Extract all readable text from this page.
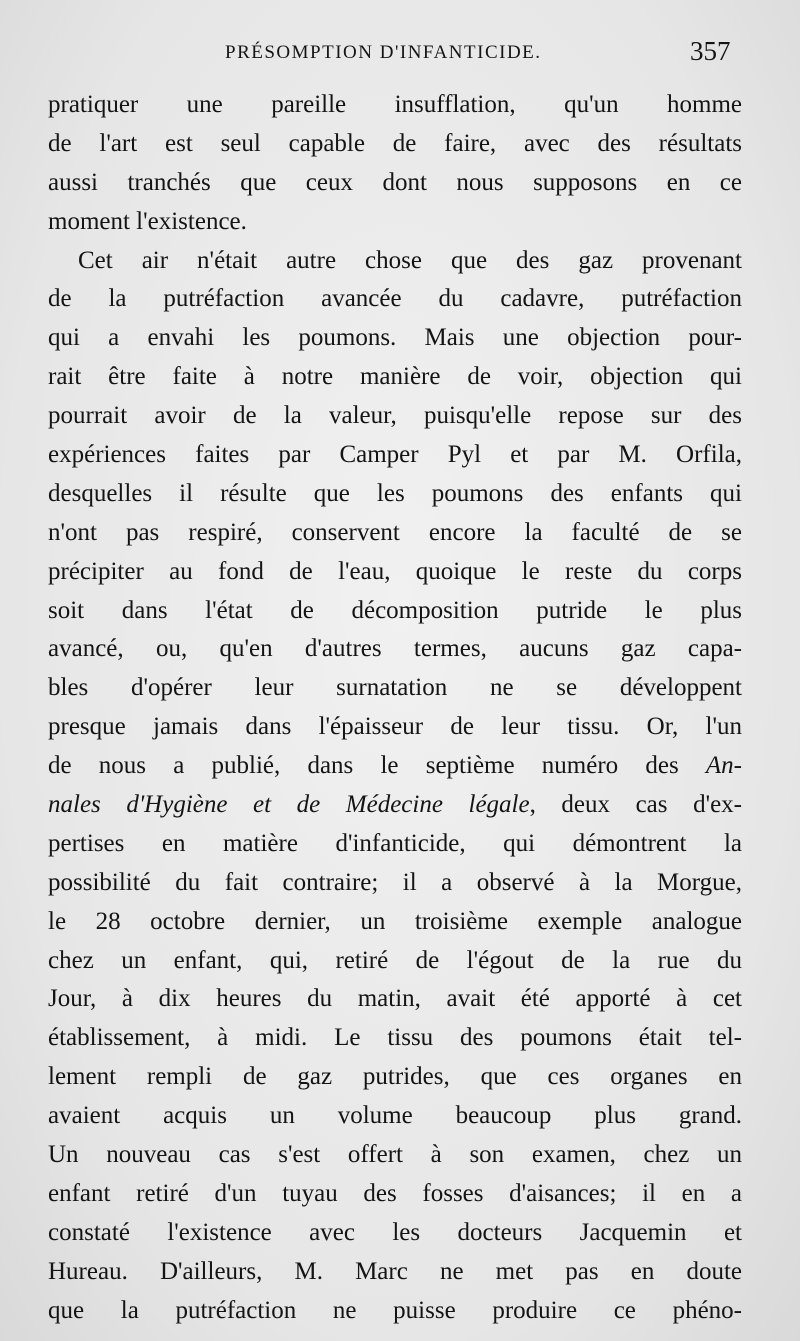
PRÉSOMPTION D'INFANTICIDE.	357
pratiquer une pareille insufflation, qu'un homme
de l'art est seul capable de faire, avec des résultats
aussi tranchés que ceux dont nous supposons en ce
moment l'existence.
Cet air n'était autre chose que des gaz provenant
de la putréfaction avancée du cadavre, putréfaction
qui a envahi les poumons. Mais une objection pour-
rait être faite à notre manière de voir, objection qui
pourrait avoir de la valeur, puisqu'elle repose sur des
expériences faites par Camper Pyl et par M. Orfila,
desquelles il résulte que les poumons des enfants qui
n'ont pas respiré, conservent encore la faculté de se
précipiter au fond de l'eau, quoique le reste du corps
soit dans l'état de décomposition putride le plus
avancé, ou, qu'en d'autres termes, aucuns gaz capa-
bles d'opérer leur surnatation ne se développent
presque jamais dans l'épaisseur de leur tissu. Or, l'un
de nous a publié, dans le septième numéro des An-
nales d'Hygiène et de Médecine légale, deux cas d'ex-
pertises en matière d'infanticide, qui démontrent la
possibilité du fait contraire; il a observé à la Morgue,
le 28 octobre dernier, un troisième exemple analogue
chez un enfant, qui, retiré de l'égout de la rue du
Jour, à dix heures du matin, avait été apporté à cet
établissement, à midi. Le tissu des poumons était tel-
lement rempli de gaz putrides, que ces organes en
avaient acquis un volume beaucoup plus grand.
Un nouveau cas s'est offert à son examen, chez un
enfant retiré d'un tuyau des fosses d'aisances; il en a
constaté l'existence avec les docteurs Jacquemin et
Hureau. D'ailleurs, M. Marc ne met pas en doute
que la putréfaction ne puisse produire ce phéno-
